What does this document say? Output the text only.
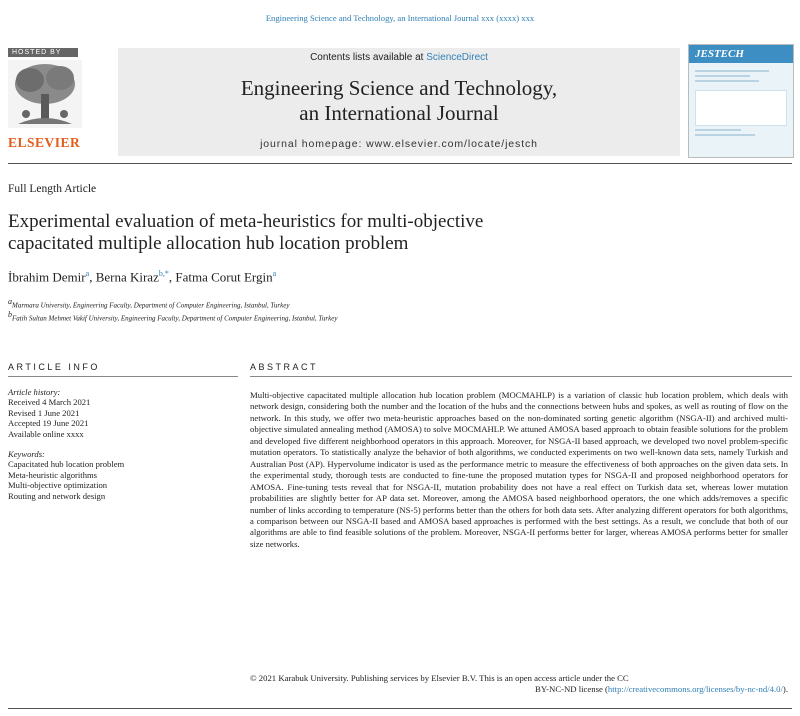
Engineering Science and Technology, an International Journal xxx (xxxx) xxx
HOSTED BY
ELSEVIER
Contents lists available at ScienceDirect
Engineering Science and Technology,
an International Journal
journal homepage: www.elsevier.com/locate/jestch
JESTECH
Full Length Article
Experimental evaluation of meta-heuristics for multi-objective
capacitated multiple allocation hub location problem
İbrahim Demir$^a$, Berna Kiraz$^{b,*}$, Fatma Corut Ergin$^a$
aMarmara University, Engineering Faculty, Department of Computer Engineering, Istanbul, Turkey
bFatih Sultan Mehmet Vakif University, Engineering Faculty, Department of Computer Engineering, Istanbul, Turkey
ARTICLE INFO	ABSTRACT
Article history:
Received 4 March 2021
Revised 1 June 2021
Accepted 19 June 2021
Available online xxxx
Keywords:
Capacitated hub location problem
Meta-heuristic algorithms
Multi-objective optimization
Routing and network design
Multi-objective capacitated multiple allocation hub location problem (MOCMAHLP) is a variation of classic hub location problem, which deals with network design, considering both the number and the location of the hubs and the connections between hubs and spokes, as well as routing of flow on the network. In this study, we offer two meta-heuristic approaches based on the non-dominated sorting genetic algorithm (NSGA-II) and archived multi-objective simulated annealing method (AMOSA) to solve MOCMAHLP. We attuned AMOSA based approach to obtain feasible solutions for the problem and developed five different neighborhood operators in this approach. Moreover, for NSGA-II based approach, we developed two novel problem-specific mutation operators. To statistically analyze the behavior of both algorithms, we conducted experiments on two well-known data sets, namely Turkish and Australian Post (AP). Hypervolume indicator is used as the performance metric to measure the effectiveness of both approaches on the given data sets. In the experimental study, thorough tests are conducted to fine-tune the proposed mutation types for NSGA-II and proposed neighborhood operators for AMOSA. Fine-tuning tests reveal that for NSGA-II, mutation probability does not have a real effect on Turkish data set, whereas lower mutation probabilities are slightly better for AP data set. Moreover, among the AMOSA based neighborhood operators, the one which adds/removes a specific number of links according to temperature (NS-5) performs better than the others for both data sets. After analyzing different operators for both algorithms, a comparison between our NSGA-II based and AMOSA based approaches is performed with the best settings. As a result, we conclude that both of our algorithms are able to find feasible solutions of the problem. Moreover, NSGA-II performs better for larger, whereas AMOSA performs better for smaller size networks.
© 2021 Karabuk University. Publishing services by Elsevier B.V. This is an open access article under the CC
BY-NC-ND license (http://creativecommons.org/licenses/by-nc-nd/4.0/).
